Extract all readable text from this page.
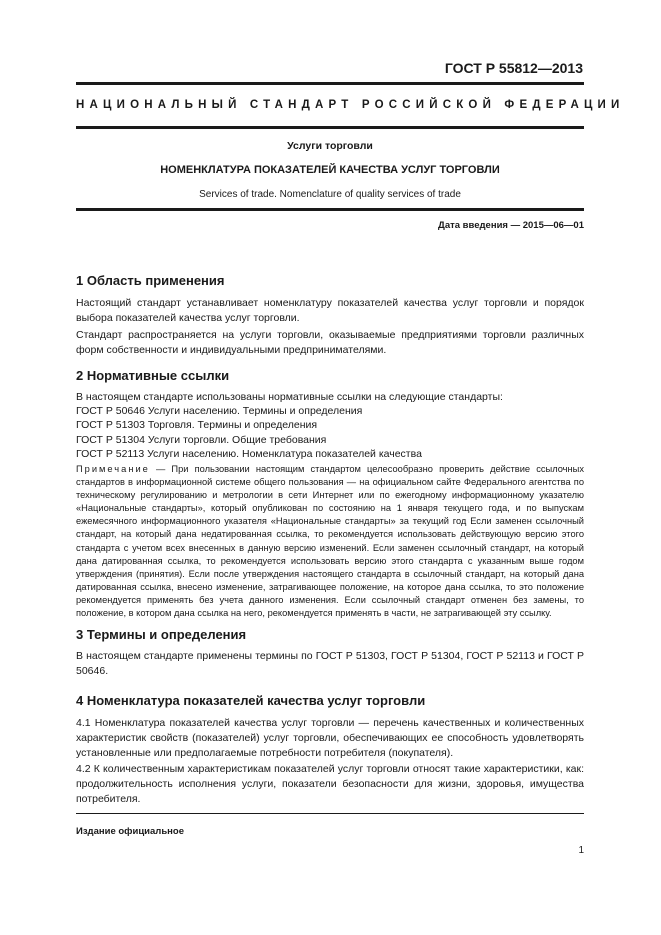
ГОСТ Р 55812—2013
НАЦИОНАЛЬНЫЙ СТАНДАРТ РОССИЙСКОЙ ФЕДЕРАЦИИ
Услуги торговли
НОМЕНКЛАТУРА ПОКАЗАТЕЛЕЙ КАЧЕСТВА УСЛУГ ТОРГОВЛИ
Services of trade. Nomenclature of quality services of trade
Дата введения — 2015—06—01
1 Область применения

Настоящий стандарт устанавливает номенклатуру показателей качества услуг торговли и порядок выбора показателей качества услуг торговли.

Стандарт распространяется на услуги торговли, оказываемые предприятиями торговли различных форм собственности и индивидуальными предпринимателями.

2 Нормативные ссылки
В настоящем стандарте использованы нормативные ссылки на следующие стандарты:
ГОСТ Р 50646 Услуги населению. Термины и определения
ГОСТ Р 51303 Торговля. Термины и определения
ГОСТ Р 51304 Услуги торговли. Общие требования
ГОСТ Р 52113 Услуги населению. Номенклатура показателей качества
Примечание — При пользовании настоящим стандартом целесообразно проверить действие ссылочных стандартов в информационной системе общего пользования — на официальном сайте Федерального агентства по техническому регулированию и метрологии в сети Интернет или по ежегодному информационному указателю «Национальные стандарты», который опубликован по состоянию на 1 января текущего года, и по выпускам ежемесячного информационного указателя «Национальные стандарты» за текущий год Если заменен ссылочный стандарт, на который дана недатированная ссылка, то рекомендуется использовать действующую версию этого стандарта с учетом всех внесенных в данную версию изменений. Если заменен ссылочный стандарт, на который дана датированная ссылка, то рекомендуется использовать версию этого стандарта с указанным выше годом утверждения (принятия). Если после утверждения настоящего стандарта в ссылочный стандарт, на который дана датированная ссылка, внесено изменение, затрагивающее положение, на которое дана ссылка, то это положение рекомендуется применять без учета данного изменения. Если ссылочный стандарт отменен без замены, то положение, в котором дана ссылка на него, рекомендуется применять в части, не затрагивающей эту ссылку.
3 Термины и определения

В настоящем стандарте применены термины по ГОСТ Р 51303, ГОСТ Р 51304, ГОСТ Р 52113 и ГОСТ Р 50646.

4 Номенклатура показателей качества услуг торговли

4.1 Номенклатура показателей качества услуг торговли — перечень качественных и количественных характеристик свойств (показателей) услуг торговли, обеспечивающих ее способность удовлетворять установленные или предполагаемые потребности потребителя (покупателя).

4.2 К количественным характеристикам показателей услуг торговли относят такие характеристики, как: продолжительность исполнения услуги, показатели безопасности для жизни, здоровья, имущества потребителя.

Издание официальное
1
